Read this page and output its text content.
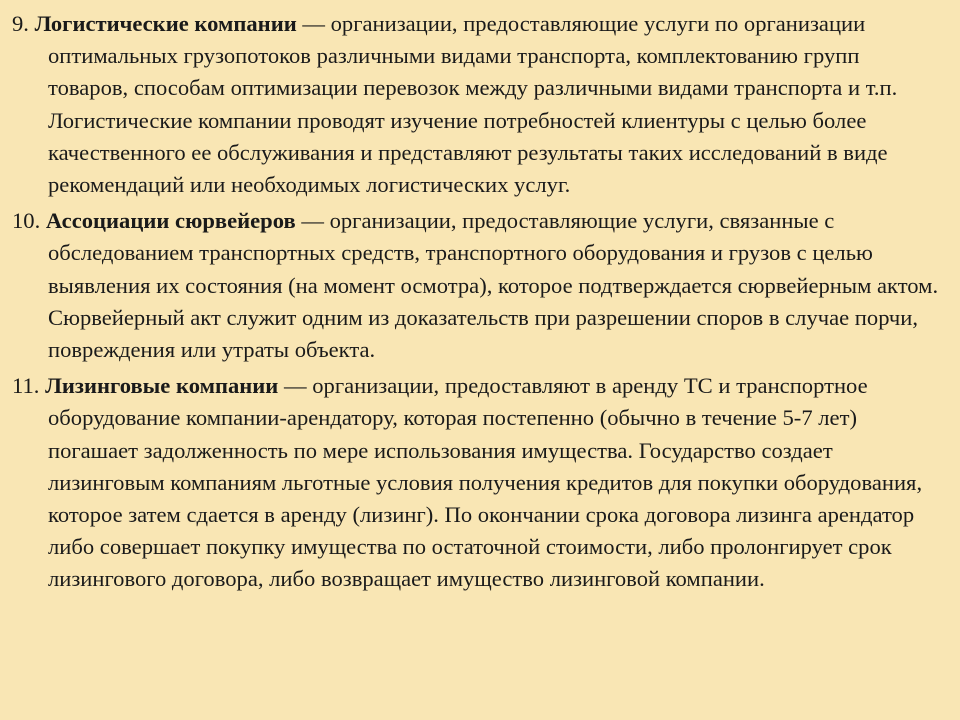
9. Логистические компании — организации, предоставляющие услуги по организации оптимальных грузопотоков различными видами транспорта, комплектованию групп товаров, способам оптимизации перевозок между различными видами транспорта и т.п. Логистические компании проводят изучение потребностей клиентуры с целью более качественного ее обслуживания и представляют результаты таких исследований в виде рекомендаций или необходимых логистических услуг.

10. Ассоциации сюрвейеров — организации, предоставляющие услуги, связанные с обследованием транспортных средств, транспортного оборудования и грузов с целью выявления их состояния (на момент осмотра), которое подтверждается сюрвейерным актом. Сюрвейерный акт служит одним из доказательств при разрешении споров в случае порчи, повреждения или утраты объекта.

11. Лизинговые компании — организации, предоставляют в аренду ТС и транспортное оборудование компании-арендатору, которая постепенно (обычно в течение 5-7 лет) погашает задолженность по мере использования имущества. Государство создает лизинговым компаниям льготные условия получения кредитов для покупки оборудования, которое затем сдается в аренду (лизинг). По окончании срока договора лизинга арендатор либо совершает покупку имущества по остаточной стоимости, либо пролонгирует срок лизингового договора, либо возвращает имущество лизинговой компании.
